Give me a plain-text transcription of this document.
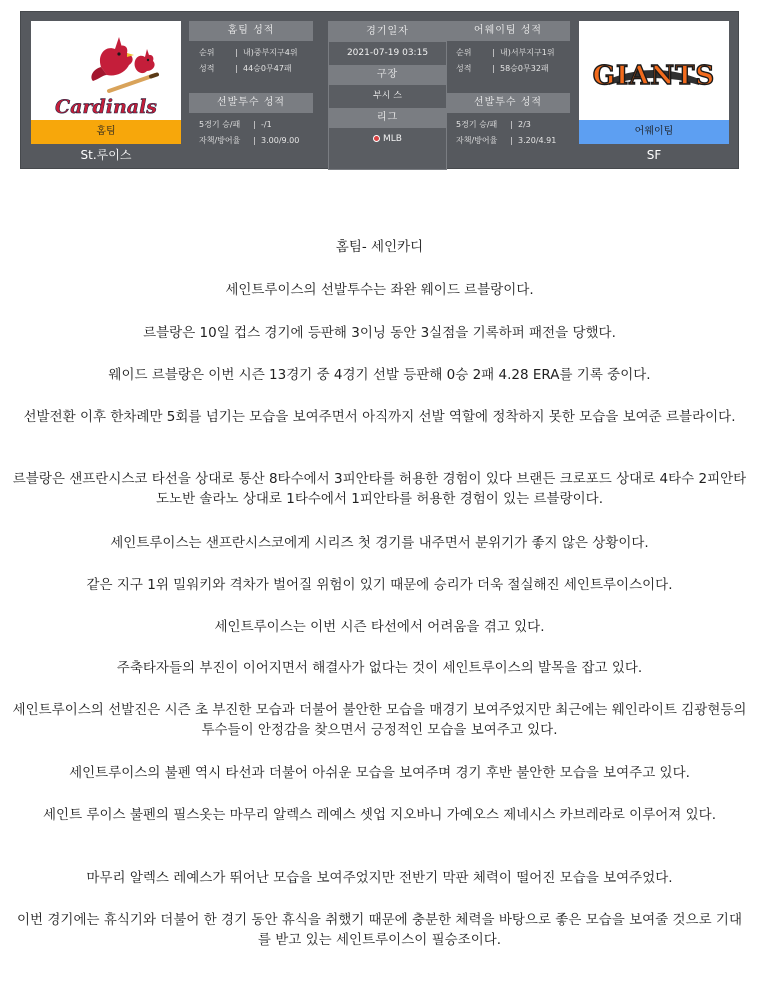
Cardinals
홈팀
St.루이스
홈팀 성적
순위	| 내)중부지구4위
성적	| 44승0무47패
선발투수 성적
5경기 승/패	| -/1
자책/방어율	| 3.00/9.00
경기일자
2021-07-19 03:15
구장
부시 스
리그
MLB
어웨이팀 성적
순위	| 내)서부지구1위
성적	| 58승0무32패
선발투수 성적
5경기 승/패	| 2/3
자책/방어율	| 3.20/4.91
GIANTS
어웨이팀
SF

홈팀- 세인카디

세인트루이스의 선발투수는 좌완 웨이드 르블랑이다.

르블랑은 10일 컵스 경기에 등판해 3이닝 동안 3실점을 기록하퍼 패전을 당했다.

웨이드 르블랑은 이번 시즌 13경기 중 4경기 선발 등판해 0승 2패 4.28 ERA를 기록 중이다.

선발전환 이후 한차례만 5회를 넘기는 모습을 보여주면서 아직까지 선발 역할에 정착하지 못한 모습을 보여준 르블라이다.

르블랑은 샌프란시스코 타선을 상대로 통산 8타수에서 3피안타를 허용한 경험이 있다 브랜든 크로포드 상대로 4타수 2피안타 도노반 솔라노 상대로 1타수에서 1피안타를 허용한 경험이 있는 르블랑이다.

세인트루이스는 샌프란시스코에게 시리즈 첫 경기를 내주면서 분위기가 좋지 않은 상황이다.

같은 지구 1위 밀워키와 격차가 벌어질 위험이 있기 때문에 승리가 더욱 절실해진 세인트루이스이다.

세인트루이스는 이번 시즌 타선에서 어려움을 겪고 있다.

주축타자들의 부진이 이어지면서 해결사가 없다는 것이 세인트루이스의 발목을 잡고 있다.

세인트루이스의 선발진은 시즌 초 부진한 모습과 더불어 불안한 모습을 매경기 보여주었지만 최근에는 웨인라이트 김광현등의 투수들이 안정감을 찾으면서 긍정적인 모습을 보여주고 있다.

세인트루이스의 불펜 역시 타선과 더불어 아쉬운 모습을 보여주며 경기 후반 불안한 모습을 보여주고 있다.

세인트 루이스 불펜의 필스옷는 마무리 알렉스 레예스 셋업 지오바니 가예오스 제네시스 카브레라로 이루어져 있다.

마무리 알렉스 레예스가 뛰어난 모습을 보여주었지만 전반기 막판 체력이 떨어진 모습을 보여주었다.

이번 경기에는 휴식기와 더불어 한 경기 동안 휴식을 취했기 때문에 충분한 체력을 바탕으로 좋은 모습을 보여줄 것으로 기대를 받고 있는 세인트루이스이 필승조이다.
